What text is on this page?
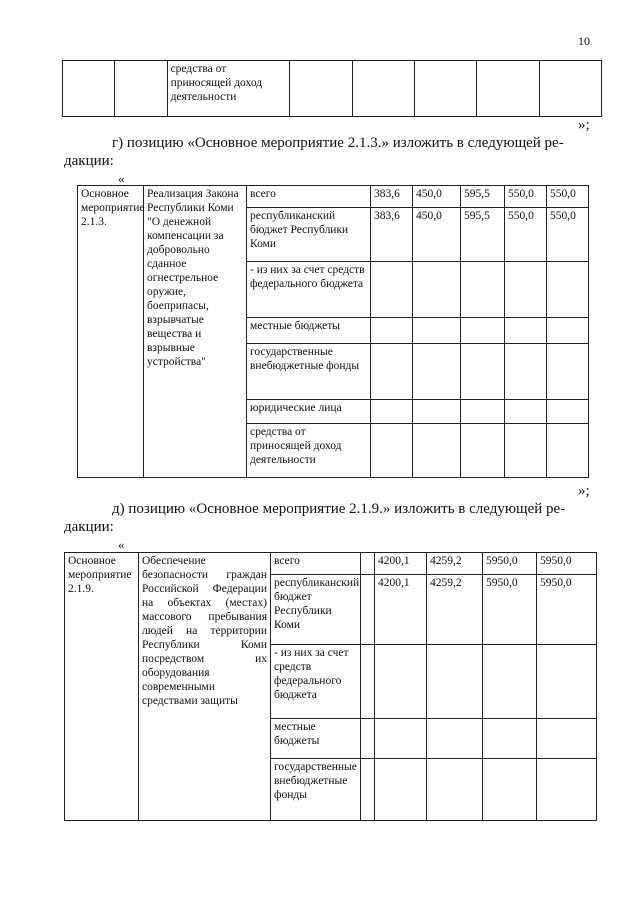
10
		средства от приносящей доход деятельности					
»;
г) позицию «Основное мероприятие 2.1.3.» изложить в следующей ре-
дакции:
«
Основное мероприятие 2.1.3.	Реализация Закона Республики Коми "О денежной компенсации за добровольно сданное огнестрельное оружие, боеприпасы, взрывчатые вещества и взрывные устройства"	всего	383,6	450,0	595,5	550,0	550,0
		республиканский бюджет Республики Коми	383,6	450,0	595,5	550,0	550,0
		- из них за счет средств федерального бюджета					
		местные бюджеты					
		государственные внебюджетные фонды					
		юридические лица					
		средства от приносящей доход деятельности					
»;
д) позицию «Основное мероприятие 2.1.9.» изложить в следующей ре-
дакции:
«
Основное мероприятие 2.1.9.	Обеспечение безопасности граждан Российской Федерации на объектах (местах) массового пребывания людей на территории Республики Коми посредством их оборудования современными средствами защиты	всего		4200,1	4259,2	5950,0	5950,0
		республиканский бюджет Республики Коми		4200,1	4259,2	5950,0	5950,0
		- из них за счет средств федерального бюджета					
		местные бюджеты					
		государственные внебюджетные фонды					
